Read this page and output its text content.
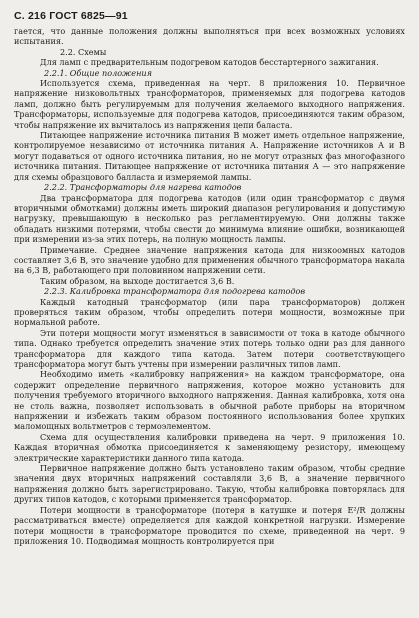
С. 216 ГОСТ 6825—91

гается, что данные положения должны выполняться при всех возможных условиях испытания.

2.2. Схемы

Для ламп с предварительным подогревом катодов бесстартерного зажигания.

2.2.1. Общие положения

Используется схема, приведенная на черт. 8 приложения 10. Первичное напряжение низковольтных трансформаторов, применяемых для подогрева катодов ламп, должно быть регулируемым для получения желаемого выходного напряжения. Трансформаторы, используемые для подогрева катодов, присоединяются таким образом, чтобы напряжение их вычиталось из напряжения цепи баласта.

Питающее напряжение источника питания В может иметь отдельное напряжение, контролируемое независимо от источника питания А. Напряжение источников А и В могут подаваться от одного источника питания, но не могут отразных фаз многофазного источника питания. Питающее напряжение от источника питания А — это напряжение для схемы образцового балласта и измеряемой лампы.

2.2.2. Трансформаторы для нагрева катодов

Два трансформатора для подогрева катодов (или один трансформатор с двумя вторичными обмотками) должны иметь широкий диапазон регулирования и допустимую нагрузку, превышающую в несколько раз регламентируемую. Они должны также обладать низкими потерями, чтобы свести до минимума влияние ошибки, возникающей при измерении из-за этих потерь, на полную мощность лампы.

Примечание. Среднее значение напряжения катода для низкоомных катодов составляет 3,6 В, это значение удобно для применения обычного трансформатора накала на 6,3 В, работающего при половинном напряжении сети.

Таким образом, на выходе достигается 3,6 В.

2.2.3. Калибровка трансформатора для подогрева катодов

Каждый катодный трансформатор (или пара трансформаторов) должен проверяться таким образом, чтобы определить потери мощности, возможные при нормальной работе.

Эти потери мощности могут изменяться в зависимости от тока в катоде обычного типа. Однако требуется определить значение этих потерь только одни раз для данного трансформатора для каждого типа катода. Затем потери соответствующего трансформатора могут быть учтены при измерении различных типов ламп.

Необходимо иметь «калибровку напряжения» на каждом трансформаторе, она содержит определение первичного напряжения, которое можно установить для получения требуемого вторичного выходного напряжения. Данная калибровка, хотя она не столь важна, позволяет использовать в обычной работе приборы на вторичном напряжении и избежать таким образом постоянного использования более хрупких маломощных вольтметров с термоэлементом.

Схема для осуществления калибровки приведена на черт. 9 приложения 10. Каждая вторичная обмотка присоединяется к заменяющему резистору, имеющему электрические характеристики данного типа катода.

Первичное напряжение должно быть установлено таким образом, чтобы средние значения двух вторичных напряжений составляли 3,6 В, а значение первичного напряжения должно быть зарегистрировано. Такую, чтобы калибровка повторялась для других типов катодов, с которыми применяется трансформатор.

Потери мощности в трансформаторе (потеря в катушке и потеря E²/R должны рассматриваться вместе) определяется для каждой конкретной нагрузки. Измерение потери мощности в трансформаторе проводится по схеме, приведенной на черт. 9 приложения 10. Подводимая мощность контролируется при
